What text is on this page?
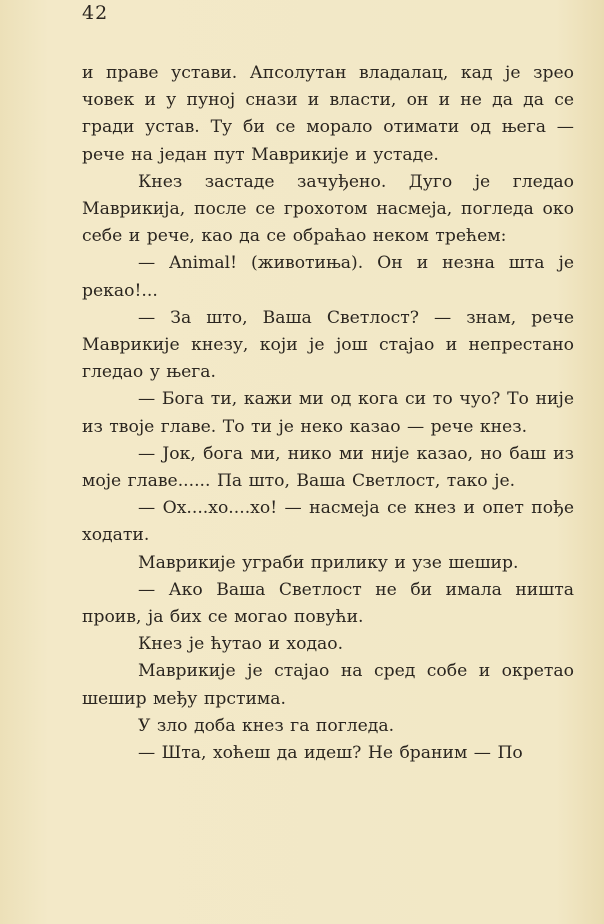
42

и праве устави. Апсолутан владалац, кад је зрео човек и у пуној снази и власти, он и не да да се гради устав. Ту би се морало отимати од њега — рече на један пут Маврикије и устаде.

Кнез застаде зачуђено. Дуго је гледао Маврикија, после се грохотом насмеја, погледа око себе и рече, као да се обраћао неком трећем:

— Animal! (животиња). Он и незна шта је рекао!...

— За што, Ваша Светлост? — знам, рече Маврикије кнезу, који је још стајао и непрестано гледао у њега.

— Бога ти, кажи ми од кога си то чуо? То није из твоје главе. То ти је неко казао — рече кнез.

— Јок, бога ми, нико ми није казао, но баш из моје главе...... Па што, Ваша Светлост, тако је.

— Ох....хо....хо! — насмеја се кнез и опет пође ходати.

Маврикије уграби прилику и узе шешир.

— Ако Ваша Светлост не би имала ништа проив, ја бих се могао повући.

Кнез је ћутао и ходао.

Маврикије је стајао на сред собе и окретао шешир међу прстима.

У зло доба кнез га погледа.

— Шта, хоћеш да идеш? Не браним — По
